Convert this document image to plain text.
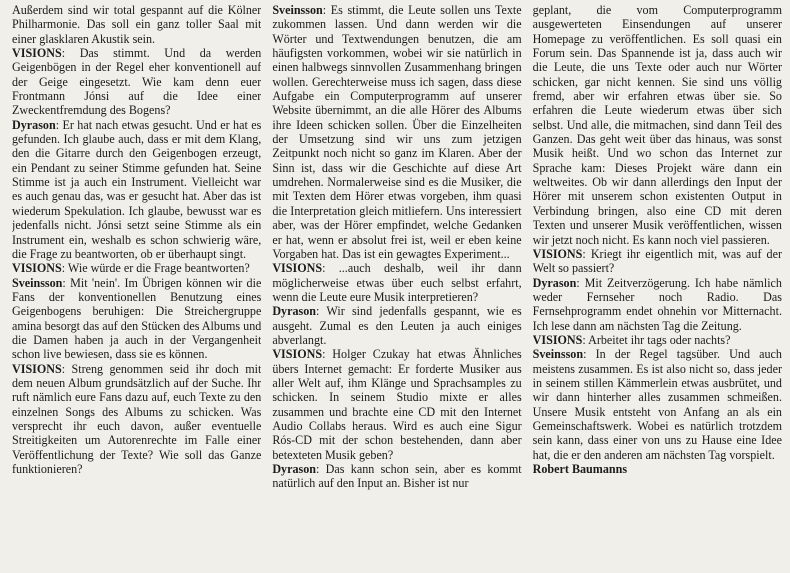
Außerdem sind wir total gespannt auf die Kölner Philharmonie. Das soll ein ganz toller Saal mit einer glasklaren Akustik sein.

VISIONS: Das stimmt. Und da werden Geigenbögen in der Regel eher konventionell auf der Geige eingesetzt. Wie kam denn euer Frontmann Jónsi auf die Idee einer Zweckentfremdung des Bogens?

Dyrason: Er hat nach etwas gesucht. Und er hat es gefunden. Ich glaube auch, dass er mit dem Klang, den die Gitarre durch den Geigenbogen erzeugt, ein Pendant zu seiner Stimme gefunden hat. Seine Stimme ist ja auch ein Instrument. Vielleicht war es auch genau das, was er gesucht hat. Aber das ist wiederum Spekulation. Ich glaube, bewusst war es jedenfalls nicht. Jónsi setzt seine Stimme als ein Instrument ein, weshalb es schon schwierig wäre, die Frage zu beantworten, ob er überhaupt singt.

VISIONS: Wie würde er die Frage beantworten?

Sveinsson: Mit 'nein'. Im Übrigen können wir die Fans der konventionellen Benutzung eines Geigenbogens beruhigen: Die Streichergruppe amina besorgt das auf den Stücken des Albums und die Damen haben ja auch in der Vergangenheit schon live bewiesen, dass sie es können.

VISIONS: Streng genommen seid ihr doch mit dem neuen Album grundsätzlich auf der Suche. Ihr ruft nämlich eure Fans dazu auf, euch Texte zu den einzelnen Songs des Albums zu schicken. Was versprecht ihr euch davon, außer eventuelle Streitigkeiten um Autorenrechte im Falle einer Veröffentlichung der Texte? Wie soll das Ganze funktionieren?

Sveinsson: Es stimmt, die Leute sollen uns Texte zukommen lassen. Und dann werden wir die Wörter und Textwendungen benutzen, die am häufigsten vorkommen, wobei wir sie natürlich in einen halbwegs sinnvollen Zusammenhang bringen wollen. Gerechterweise muss ich sagen, dass diese Aufgabe ein Computerprogramm auf unserer Website übernimmt, an die alle Hörer des Albums ihre Ideen schicken sollen. Über die Einzelheiten der Umsetzung sind wir uns zum jetzigen Zeitpunkt noch nicht so ganz im Klaren. Aber der Sinn ist, dass wir die Geschichte auf diese Art umdrehen. Normalerweise sind es die Musiker, die mit Texten dem Hörer etwas vorgeben, ihm quasi die Interpretation gleich mitliefern. Uns interessiert aber, was der Hörer empfindet, welche Gedanken er hat, wenn er absolut frei ist, weil er eben keine Vorgaben hat. Das ist ein gewagtes Experiment...

VISIONS: ...auch deshalb, weil ihr dann möglicherweise etwas über euch selbst erfahrt, wenn die Leute eure Musik interpretieren?

Dyrason: Wir sind jedenfalls gespannt, wie es ausgeht. Zumal es den Leuten ja auch einiges abverlangt.

VISIONS: Holger Czukay hat etwas Ähnliches übers Internet gemacht: Er forderte Musiker aus aller Welt auf, ihm Klänge und Sprachsamples zu schicken. In seinem Studio mixte er alles zusammen und brachte eine CD mit den Internet Audio Collabs heraus. Wird es auch eine Sigur Rós-CD mit der schon bestehenden, dann aber betexteten Musik geben?

Dyrason: Das kann schon sein, aber es kommt natürlich auf den Input an. Bisher ist nur

geplant, die vom Computerprogramm ausgewerteten Einsendungen auf unserer Homepage zu veröffentlichen. Es soll quasi ein Forum sein. Das Spannende ist ja, dass auch wir die Leute, die uns Texte oder auch nur Wörter schicken, gar nicht kennen. Sie sind uns völlig fremd, aber wir erfahren etwas über sie. So erfahren die Leute wiederum etwas über sich selbst. Und alle, die mitmachen, sind dann Teil des Ganzen. Das geht weit über das hinaus, was sonst Musik heißt. Und wo schon das Internet zur Sprache kam: Dieses Projekt wäre dann ein weltweites. Ob wir dann allerdings den Input der Hörer mit unserem schon existenten Output in Verbindung bringen, also eine CD mit deren Texten und unserer Musik veröffentlichen, wissen wir jetzt noch nicht. Es kann noch viel passieren.

VISIONS: Kriegt ihr eigentlich mit, was auf der Welt so passiert?

Dyrason: Mit Zeitverzögerung. Ich habe nämlich weder Fernseher noch Radio. Das Fernsehprogramm endet ohnehin vor Mitternacht. Ich lese dann am nächsten Tag die Zeitung.

VISIONS: Arbeitet ihr tags oder nachts?

Sveinsson: In der Regel tagsüber. Und auch meistens zusammen. Es ist also nicht so, dass jeder in seinem stillen Kämmerlein etwas ausbrütet, und wir dann hinterher alles zusammen schmeißen. Unsere Musik entsteht von Anfang an als ein Gemeinschaftswerk. Wobei es natürlich trotzdem sein kann, dass einer von uns zu Hause eine Idee hat, die er den anderen am nächsten Tag vorspielt.

Robert Baumanns
